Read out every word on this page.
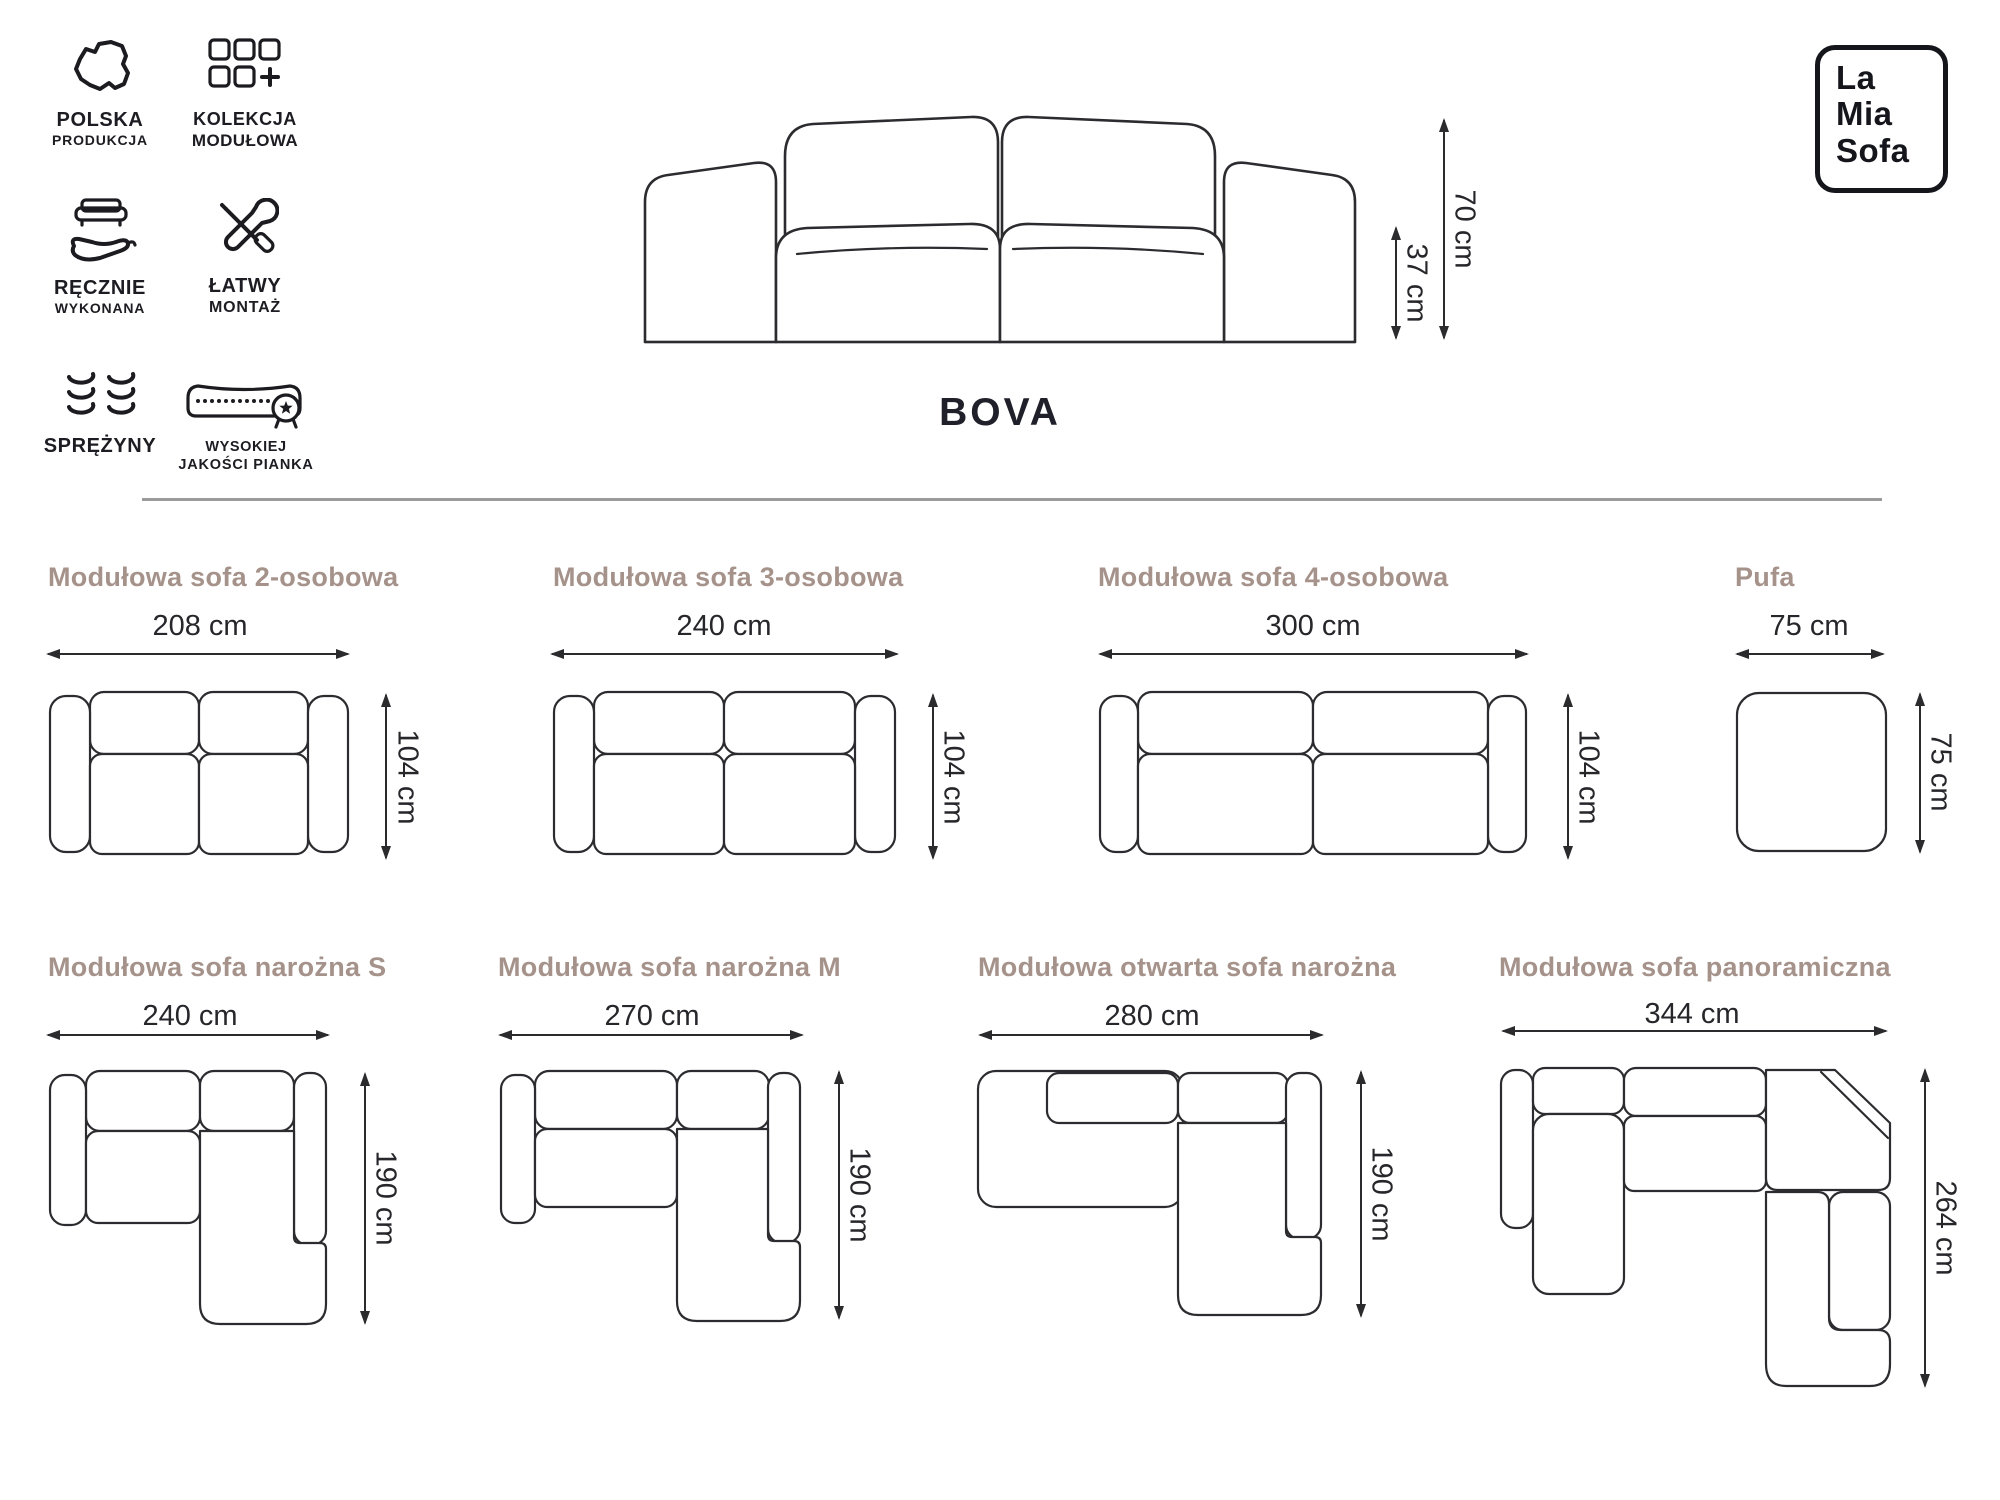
POLSKA
PRODUKCJA
KOLEKCJA
MODUŁOWA
RĘCZNIE
WYKONANA
ŁATWY
MONTAŻ
SPRĘŻYNY	WYSOKIEJ
JAKOŚCI PIANKA
La
Mia
Sofa
70 cm
37 cm
BOVA
Modułowa sofa 2-osobowa
208 cm
104 cm
Modułowa sofa 3-osobowa
240 cm
104 cm
Modułowa sofa 4-osobowa
300 cm
104 cm
Pufa
75 cm
75 cm
Modułowa sofa narożna S
240 cm
190 cm
Modułowa sofa narożna M
270 cm
190 cm
Modułowa otwarta sofa narożna
280 cm
190 cm
Modułowa sofa panoramiczna
344 cm
264 cm
